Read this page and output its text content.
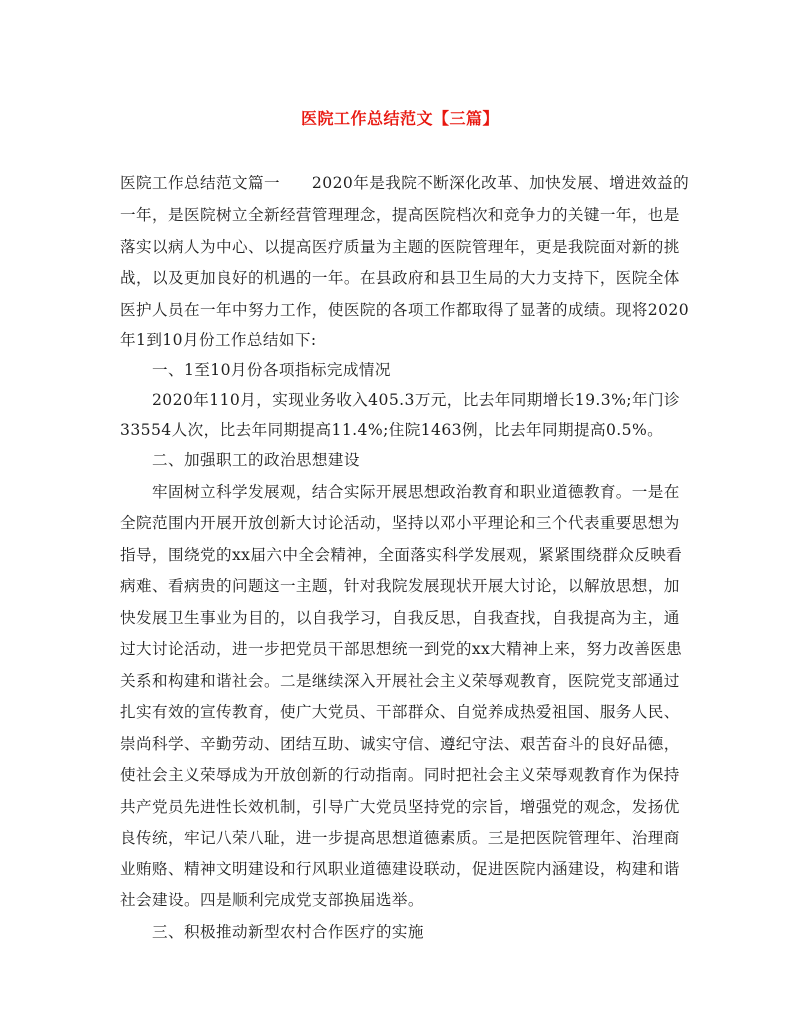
医院工作总结范文【三篇】
医院工作总结范文篇一　　2020年是我院不断深化改革、加快发展、增进效益的
一年，是医院树立全新经营管理理念，提高医院档次和竞争力的关键一年，也是
落实以病人为中心、以提高医疗质量为主题的医院管理年，更是我院面对新的挑
战，以及更加良好的机遇的一年。在县政府和县卫生局的大力支持下，医院全体
医护人员在一年中努力工作，使医院的各项工作都取得了显著的成绩。现将2020
年1到10月份工作总结如下:
　　一、1至10月份各项指标完成情况
　　2020年110月，实现业务收入405.3万元，比去年同期增长19.3%;年门诊
33554人次，比去年同期提高11.4%;住院1463例，比去年同期提高0.5%。
　　二、加强职工的政治思想建设
　　牢固树立科学发展观，结合实际开展思想政治教育和职业道德教育。一是在
全院范围内开展开放创新大讨论活动，坚持以邓小平理论和三个代表重要思想为
指导，围绕党的xx届六中全会精神，全面落实科学发展观，紧紧围绕群众反映看
病难、看病贵的问题这一主题，针对我院发展现状开展大讨论，以解放思想，加
快发展卫生事业为目的，以自我学习，自我反思，自我查找，自我提高为主，通
过大讨论活动，进一步把党员干部思想统一到党的xx大精神上来，努力改善医患
关系和构建和谐社会。二是继续深入开展社会主义荣辱观教育，医院党支部通过
扎实有效的宣传教育，使广大党员、干部群众、自觉养成热爱祖国、服务人民、
崇尚科学、辛勤劳动、团结互助、诚实守信、遵纪守法、艰苦奋斗的良好品德，
使社会主义荣辱成为开放创新的行动指南。同时把社会主义荣辱观教育作为保持
共产党员先进性长效机制，引导广大党员坚持党的宗旨，增强党的观念，发扬优
良传统，牢记八荣八耻，进一步提高思想道德素质。三是把医院管理年、治理商
业贿赂、精神文明建设和行风职业道德建设联动，促进医院内涵建设，构建和谐
社会建设。四是顺利完成党支部换届选举。
　　三、积极推动新型农村合作医疗的实施
